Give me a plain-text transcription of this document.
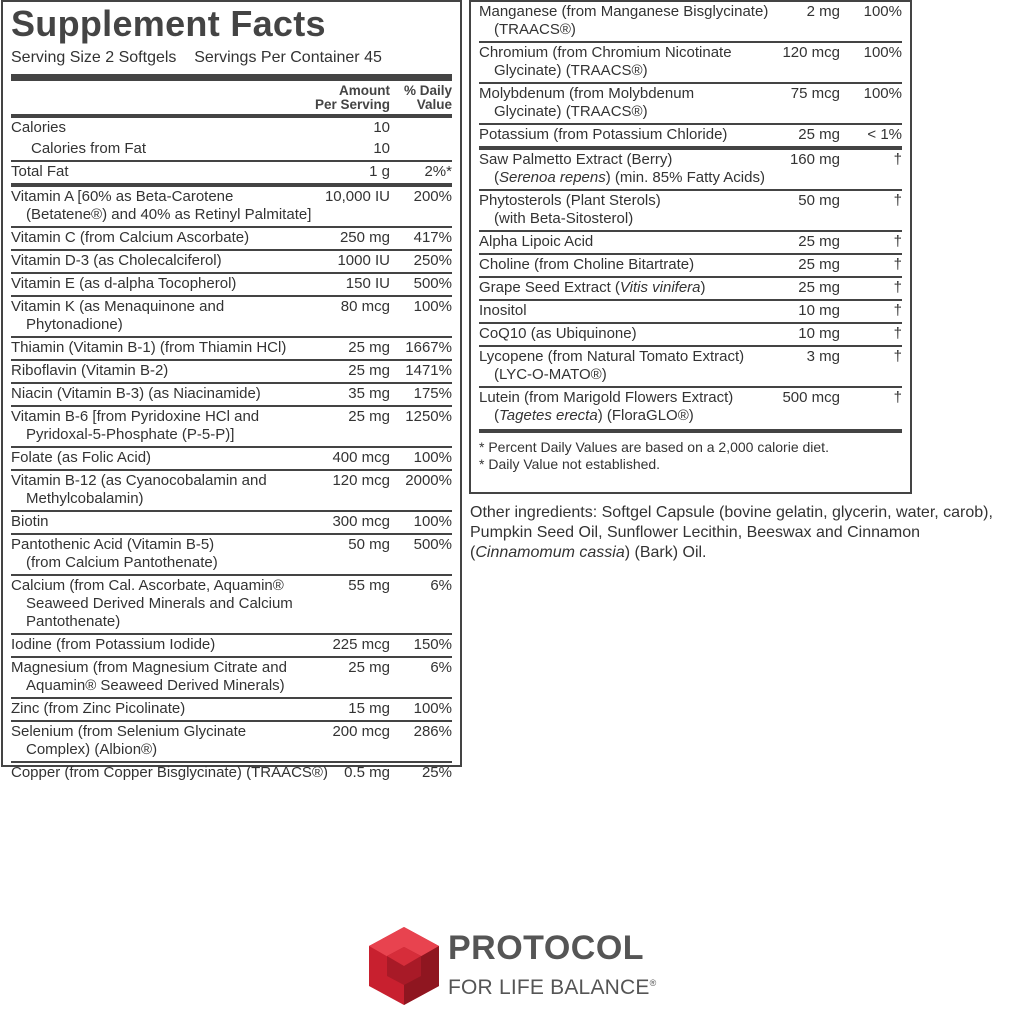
Supplement Facts
Serving Size 2 Softgels Servings Per Container 45
Amount
Per Serving
% Daily
Value
Calories	10
Calories from Fat	10
Total Fat	1 g	2%*
Vitamin A [60% as Beta-Carotene
(Betatene®) and 40% as Retinyl Palmitate]
10,000 IU	200%
Vitamin C (from Calcium Ascorbate)	250 mg	417%
Vitamin D-3 (as Cholecalciferol)	1000 IU	250%
Vitamin E (as d-alpha Tocopherol)	150 IU	500%
Vitamin K (as Menaquinone and
Phytonadione)
80 mcg	100%
Thiamin (Vitamin B-1) (from Thiamin HCl)	25 mg	1667%
Riboflavin (Vitamin B-2)	25 mg	1471%
Niacin (Vitamin B-3) (as Niacinamide)	35 mg	175%
Vitamin B-6 [from Pyridoxine HCl and
Pyridoxal-5-Phosphate (P-5-P)]
25 mg	1250%
Folate (as Folic Acid)	400 mcg	100%
Vitamin B-12 (as Cyanocobalamin and
Methylcobalamin)
120 mcg	2000%
Biotin	300 mcg	100%
Pantothenic Acid (Vitamin B-5)
(from Calcium Pantothenate)
50 mg	500%
Calcium (from Cal. Ascorbate, Aquamin®
Seaweed Derived Minerals and Calcium Pantothenate)
55 mg	6%
Iodine (from Potassium Iodide)	225 mcg	150%
Magnesium (from Magnesium Citrate and
Aquamin® Seaweed Derived Minerals)
25 mg	6%
Zinc (from Zinc Picolinate)	15 mg	100%
Selenium (from Selenium Glycinate
Complex) (Albion®)
200 mcg	286%
Copper (from Copper Bisglycinate) (TRAACS®)	0.5 mg	25%
Manganese (from Manganese Bisglycinate)
(TRAACS®)
2 mg	100%
Chromium (from Chromium Nicotinate
Glycinate) (TRAACS®)
120 mcg	100%
Molybdenum (from Molybdenum
Glycinate) (TRAACS®)
75 mcg	100%
Potassium (from Potassium Chloride)	25 mg	< 1%
Saw Palmetto Extract (Berry)
(Serenoa repens) (min. 85% Fatty Acids)
160 mg	†
Phytosterols (Plant Sterols)
(with Beta-Sitosterol)
50 mg	†
Alpha Lipoic Acid	25 mg	†
Choline (from Choline Bitartrate)	25 mg	†
Grape Seed Extract (Vitis vinifera)	25 mg	†
Inositol	10 mg	†
CoQ10 (as Ubiquinone)	10 mg	†
Lycopene (from Natural Tomato Extract)
(LYC-O-MATO®)
3 mg	†
Lutein (from Marigold Flowers Extract)
(Tagetes erecta) (FloraGLO®)
500 mcg	†
* Percent Daily Values are based on a 2,000 calorie diet.
* Daily Value not established.
Other ingredients: Softgel Capsule (bovine gelatin, glycerin, water, carob), Pumpkin Seed Oil, Sunflower Lecithin, Beeswax and Cinnamon (Cinnamomum cassia) (Bark) Oil.
PROTOCOL
FOR LIFE BALANCE®
